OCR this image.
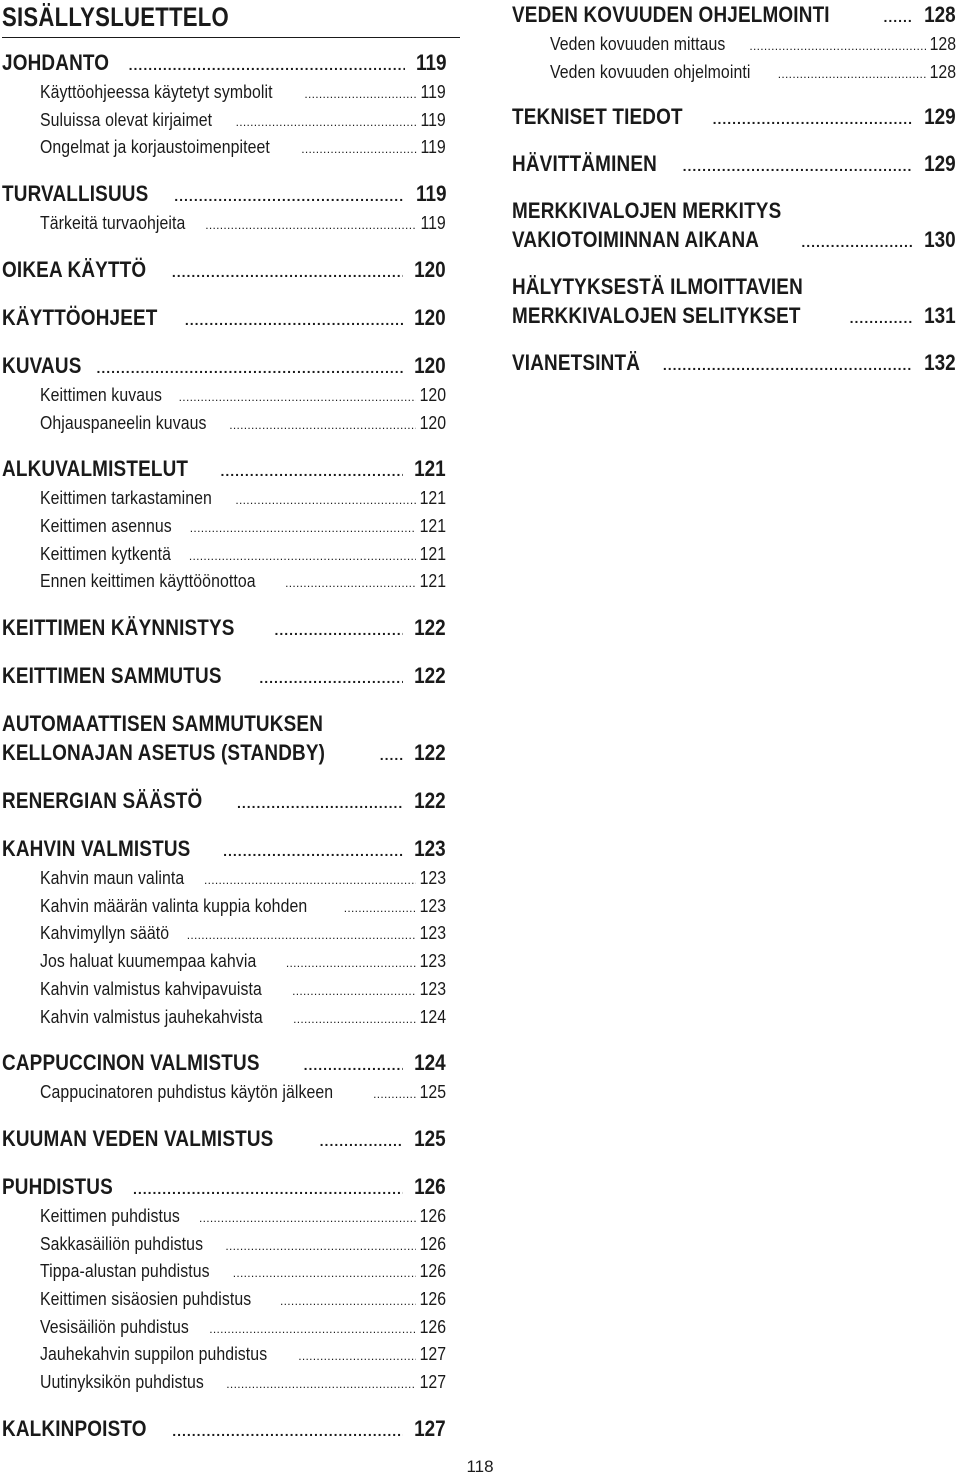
SISÄLLYSLUETTELO
JOHDANTO .....	119
Käyttöohjeessa käytetyt symbolit .....	119
Suluissa olevat kirjaimet .....	119
Ongelmat ja korjaustoimenpiteet .....	119
TURVALLISUUS .....	119
Tärkeitä turvaohjeita .....	119
OIKEA KÄYTTÖ .....	120
KÄYTTÖOHJEET .....	120
KUVAUS .....	120
Keittimen kuvaus .....	120
Ohjauspaneelin kuvaus .....	120
ALKUVALMISTELUT .....	121
Keittimen tarkastaminen .....	121
Keittimen asennus .....	121
Keittimen kytkentä .....	121
Ennen keittimen käyttöönottoa .....	121
KEITTIMEN KÄYNNISTYS .....	122
KEITTIMEN SAMMUTUS .....	122
AUTOMAATTISEN SAMMUTUKSEN
KELLONAJAN ASETUS (STANDBY) .....	122
RENERGIAN SÄÄSTÖ .....	122
KAHVIN VALMISTUS .....	123
Kahvin maun valinta .....	123
Kahvin määrän valinta kuppia kohden .....	123
Kahvimyllyn säätö .....	123
Jos haluat kuumempaa kahvia .....	123
Kahvin valmistus kahvipavuista .....	123
Kahvin valmistus jauhekahvista .....	124
CAPPUCCINON VALMISTUS .....	124
Cappucinatoren puhdistus käytön jälkeen .....	125
KUUMAN VEDEN VALMISTUS .....	125
PUHDISTUS .....	126
Keittimen puhdistus .....	126
Sakkasäiliön puhdistus .....	126
Tippa-alustan puhdistus .....	126
Keittimen sisäosien puhdistus .....	126
Vesisäiliön puhdistus .....	126
Jauhekahvin suppilon puhdistus .....	127
Uutinyksikön puhdistus .....	127
KALKINPOISTO .....	127
VEDEN KOVUUDEN OHJELMOINTI .....	128
Veden kovuuden mittaus .....	128
Veden kovuuden ohjelmointi .....	128
TEKNISET TIEDOT .....	129
HÄVITTÄMINEN .....	129
MERKKIVALOJEN MERKITYS
VAKIOTOIMINNAN AIKANA .....	130
HÄLYTYKSESTÄ ILMOITTAVIEN
MERKKIVALOJEN SELITYKSET .....	131
VIANETSINTÄ .....	132
118
